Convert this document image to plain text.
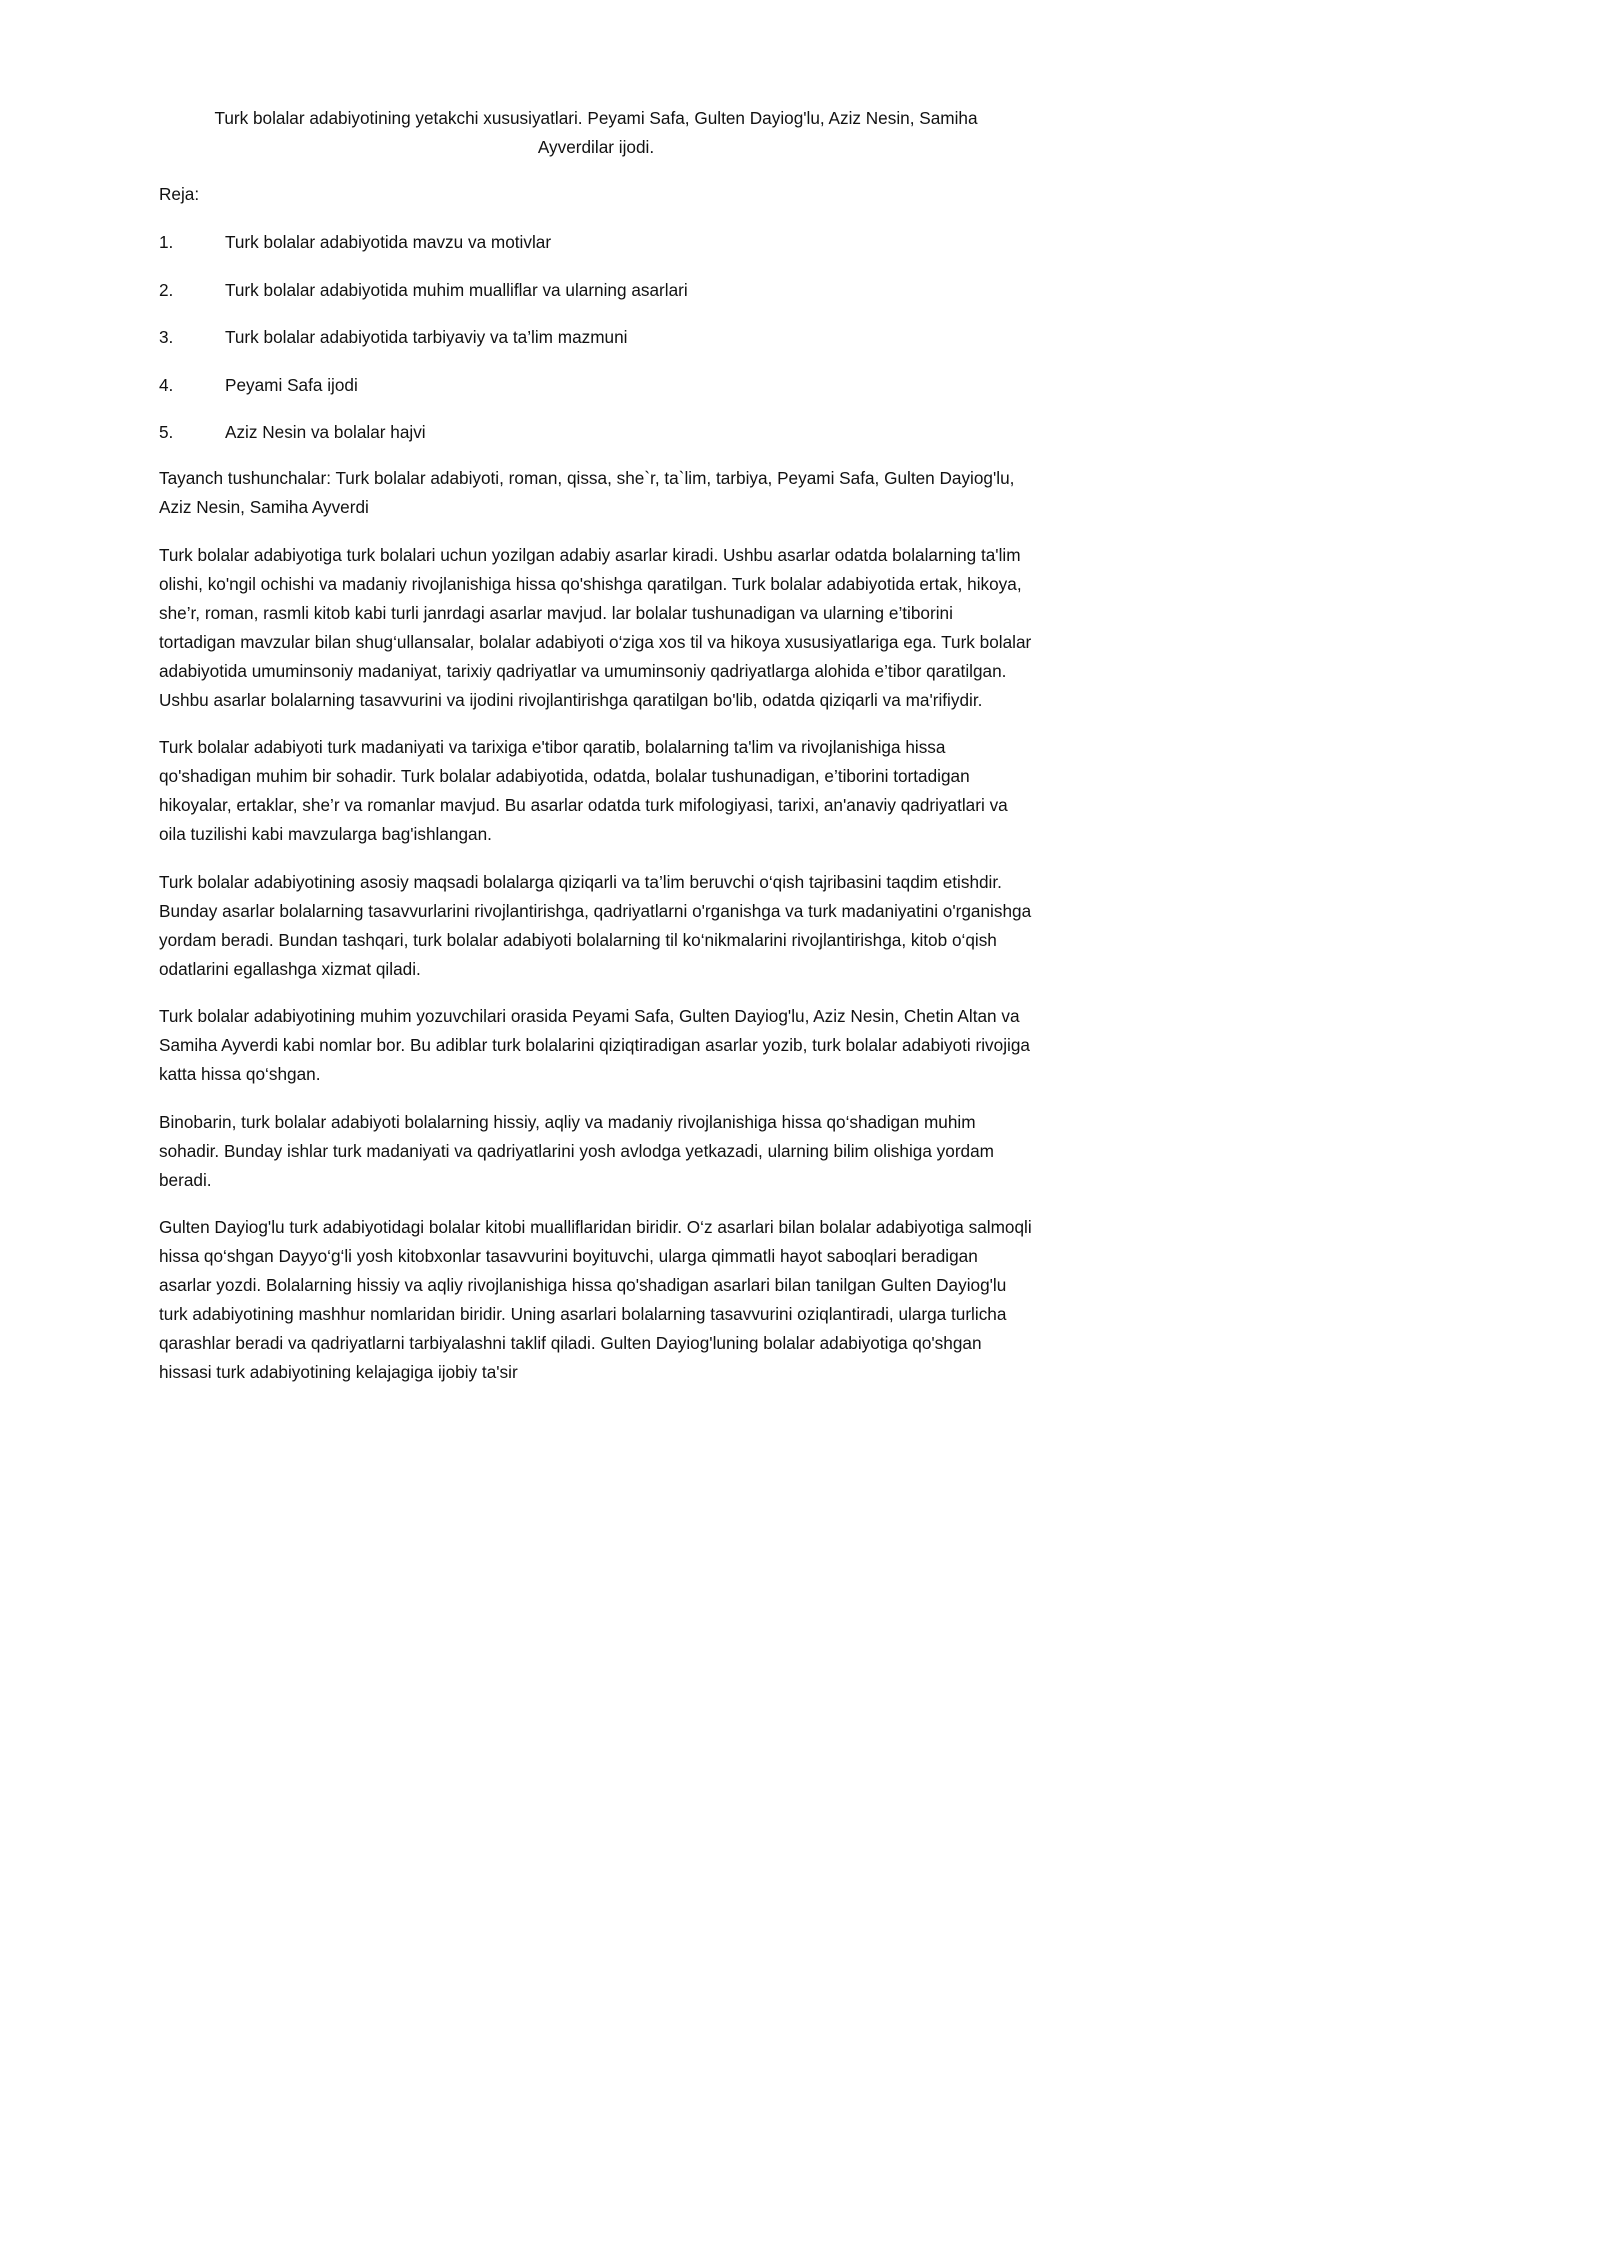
Turk bolalar adabiyotining yetakchi xususiyatlari. Peyami Safa, Gulten Dayiog'lu, Aziz Nesin, Samiha Ayverdilar ijodi.
Reja:
1.	Turk bolalar adabiyotida mavzu va motivlar
2.	Turk bolalar adabiyotida muhim mualliflar va ularning asarlari
3.	Turk bolalar adabiyotida tarbiyaviy va ta’lim mazmuni
4.	Peyami Safa ijodi
5.	Aziz Nesin va bolalar hajvi

Tayanch tushunchalar: Turk bolalar adabiyoti, roman, qissa, she`r, ta`lim, tarbiya, Peyami Safa, Gulten Dayiog'lu, Aziz Nesin, Samiha Ayverdi

Turk bolalar adabiyotiga turk bolalari uchun yozilgan adabiy asarlar kiradi. Ushbu asarlar odatda bolalarning ta'lim olishi, ko'ngil ochishi va madaniy rivojlanishiga hissa qo'shishga qaratilgan. Turk bolalar adabiyotida ertak, hikoya, she’r, roman, rasmli kitob kabi turli janrdagi asarlar mavjud. lar bolalar tushunadigan va ularning e’tiborini tortadigan mavzular bilan shug‘ullansalar, bolalar adabiyoti o‘ziga xos til va hikoya xususiyatlariga ega. Turk bolalar adabiyotida umuminsoniy madaniyat, tarixiy qadriyatlar va umuminsoniy qadriyatlarga alohida e’tibor qaratilgan. Ushbu asarlar bolalarning tasavvurini va ijodini rivojlantirishga qaratilgan bo'lib, odatda qiziqarli va ma'rifiydir.

Turk bolalar adabiyoti turk madaniyati va tarixiga e'tibor qaratib, bolalarning ta'lim va rivojlanishiga hissa qo'shadigan muhim bir sohadir. Turk bolalar adabiyotida, odatda, bolalar tushunadigan, e’tiborini tortadigan hikoyalar, ertaklar, she’r va romanlar mavjud. Bu asarlar odatda turk mifologiyasi, tarixi, an'anaviy qadriyatlari va oila tuzilishi kabi mavzularga bag'ishlangan.

Turk bolalar adabiyotining asosiy maqsadi bolalarga qiziqarli va ta’lim beruvchi o‘qish tajribasini taqdim etishdir. Bunday asarlar bolalarning tasavvurlarini rivojlantirishga, qadriyatlarni o'rganishga va turk madaniyatini o'rganishga yordam beradi. Bundan tashqari, turk bolalar adabiyoti bolalarning til ko‘nikmalarini rivojlantirishga, kitob o‘qish odatlarini egallashga xizmat qiladi.

Turk bolalar adabiyotining muhim yozuvchilari orasida Peyami Safa, Gulten Dayiog'lu, Aziz Nesin, Chetin Altan va Samiha Ayverdi kabi nomlar bor. Bu adiblar turk bolalarini qiziqtiradigan asarlar yozib, turk bolalar adabiyoti rivojiga katta hissa qo‘shgan.

Binobarin, turk bolalar adabiyoti bolalarning hissiy, aqliy va madaniy rivojlanishiga hissa qo‘shadigan muhim sohadir. Bunday ishlar turk madaniyati va qadriyatlarini yosh avlodga yetkazadi, ularning bilim olishiga yordam beradi.

Gulten Dayiog'lu turk adabiyotidagi bolalar kitobi mualliflaridan biridir. O‘z asarlari bilan bolalar adabiyotiga salmoqli hissa qo‘shgan Dayyo‘g‘li yosh kitobxonlar tasavvurini boyituvchi, ularga qimmatli hayot saboqlari beradigan asarlar yozdi. Bolalarning hissiy va aqliy rivojlanishiga hissa qo'shadigan asarlari bilan tanilgan Gulten Dayiog'lu turk adabiyotining mashhur nomlaridan biridir. Uning asarlari bolalarning tasavvurini oziqlantiradi, ularga turlicha qarashlar beradi va qadriyatlarni tarbiyalashni taklif qiladi. Gulten Dayiog'luning bolalar adabiyotiga qo'shgan hissasi turk adabiyotining kelajagiga ijobiy ta'sir
